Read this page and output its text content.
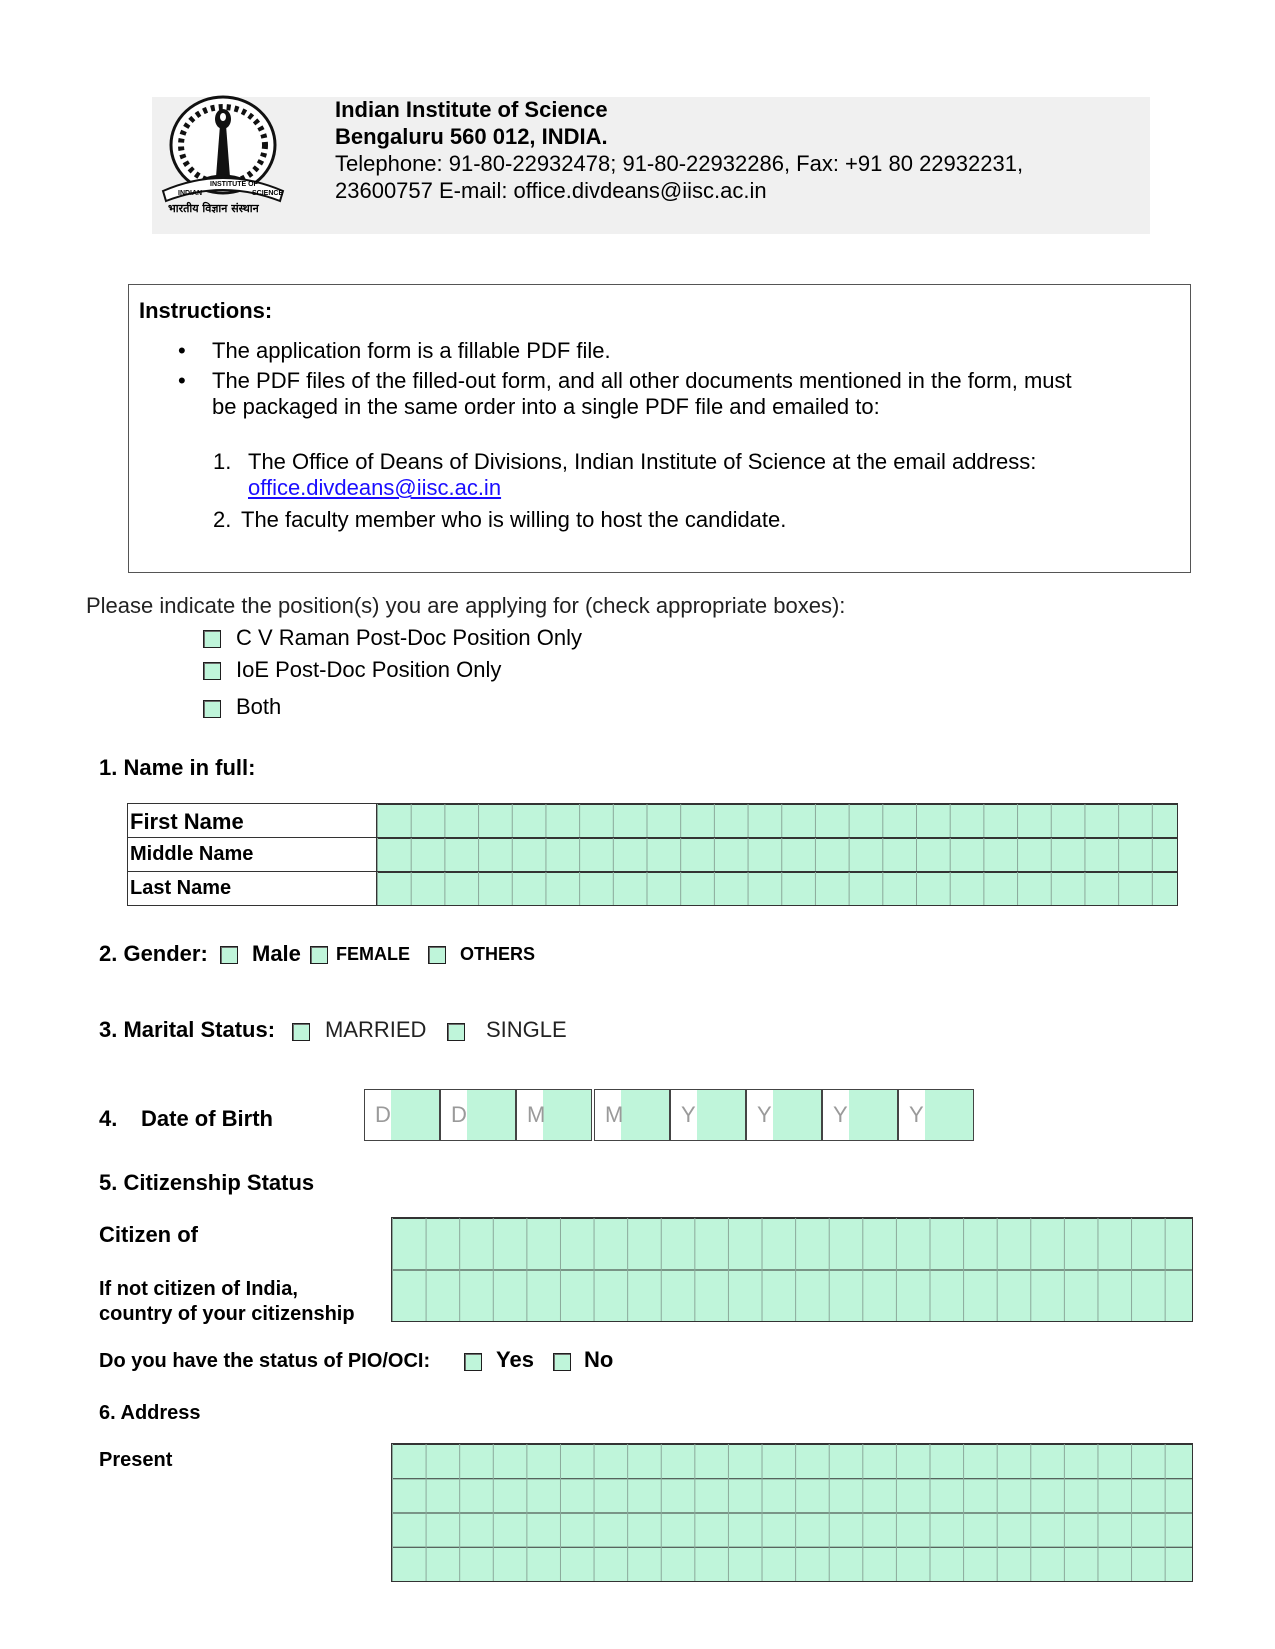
INDIAN
INSTITUTE OF
SCIENCE
भारतीय विज्ञान संस्थान
Indian Institute of Science
Bengaluru 560 012, INDIA.
Telephone: 91-80-22932478; 91-80-22932286, Fax: +91 80 22932231,
23600757 E-mail: office.divdeans@iisc.ac.in
Instructions:
• The application form is a fillable PDF file.
• The PDF files of the filled-out form, and all other documents mentioned in the form, must
be packaged in the same order into a single PDF file and emailed to:
1. The Office of Deans of Divisions, Indian Institute of Science at the email address:
office.divdeans@iisc.ac.in
2. The faculty member who is willing to host the candidate.
Please indicate the position(s) you are applying for (check appropriate boxes):
C V Raman Post-Doc Position Only
IoE Post-Doc Position Only
Both
1. Name in full:
First Name
Middle Name
Last Name
2. Gender: Male FEMALE	OTHERS
3. Marital Status: MARRIED	SINGLE
4. Date of Birth	D	D	M	M	Y	Y	Y	Y
5. Citizenship Status
Citizen of
If not citizen of India,
country of your citizenship
Do you have the status of PIO/OCI:	Yes No
6. Address
Present
